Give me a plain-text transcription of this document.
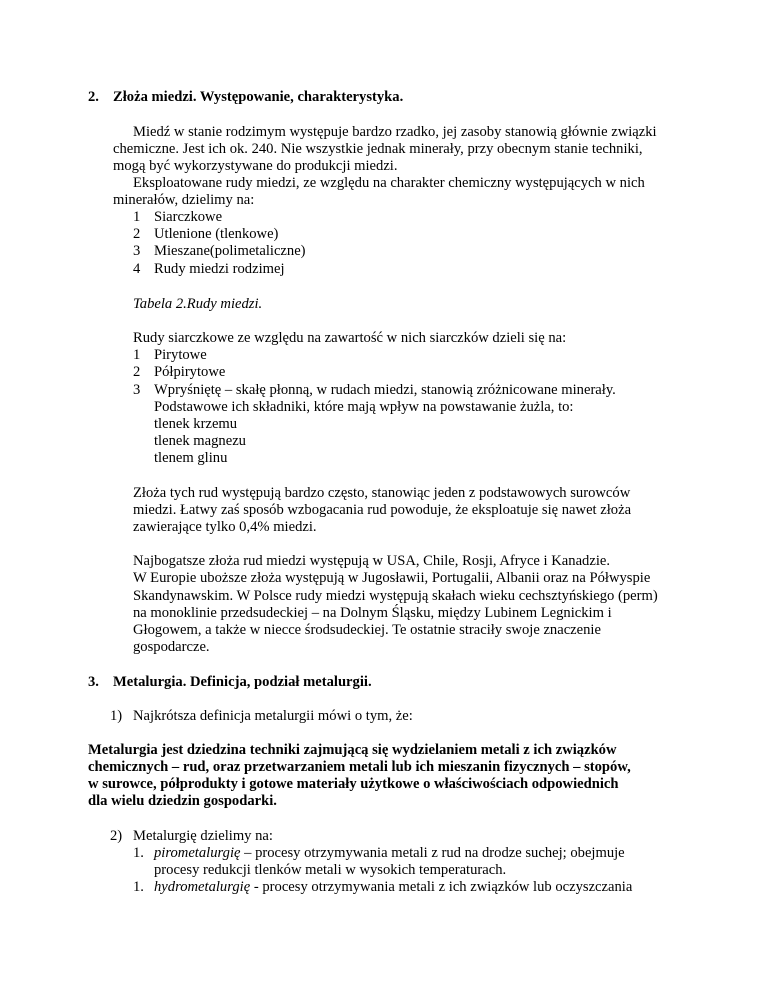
2. Złoża miedzi. Występowanie, charakterystyka.
Miedź w stanie rodzimym występuje bardzo rzadko, jej zasoby stanowią głównie związki
chemiczne. Jest ich ok. 240. Nie wszystkie jednak minerały, przy obecnym stanie techniki,
mogą być wykorzystywane do produkcji miedzi.
Eksploatowane rudy miedzi, ze względu na charakter chemiczny występujących w nich
minerałów, dzielimy na:
1 Siarczkowe
2 Utlenione (tlenkowe)
3 Mieszane(polimetaliczne)
4 Rudy miedzi rodzimej
Tabela 2.Rudy miedzi.
Rudy siarczkowe ze względu na zawartość w nich siarczków dzieli się na:
1 Pirytowe
2 Półpirytowe
3 Wpryśniętę – skałę płonną, w rudach miedzi, stanowią zróżnicowane minerały.
Podstawowe ich składniki, które mają wpływ na powstawanie żużla, to:
tlenek krzemu
tlenek magnezu
tlenem glinu
Złoża tych rud występują bardzo często, stanowiąc jeden z podstawowych surowców
miedzi. Łatwy zaś sposób wzbogacania rud powoduje, że eksploatuje się nawet złoża
zawierające tylko 0,4% miedzi.
Najbogatsze złoża rud miedzi występują w USA, Chile, Rosji, Afryce i Kanadzie.
W Europie uboższe złoża występują w Jugosławii, Portugalii, Albanii oraz na Półwyspie
Skandynawskim. W Polsce rudy miedzi występują skałach wieku cechsztyńskiego (perm)
na monoklinie przedsudeckiej – na Dolnym Śląsku, między Lubinem Legnickim i
Głogowem, a także w niecce środsudeckiej. Te ostatnie straciły swoje znaczenie
gospodarcze.
3. Metalurgia. Definicja, podział metalurgii.
1) Najkrótsza definicja metalurgii mówi o tym, że:
Metalurgia jest dziedzina techniki zajmującą się wydzielaniem metali z ich związków
chemicznych – rud, oraz przetwarzaniem metali lub ich mieszanin fizycznych – stopów,
w surowce, półprodukty i gotowe materiały użytkowe o właściwościach odpowiednich
dla wielu dziedzin gospodarki.
2) Metalurgię dzielimy na:
1. pirometalurgię – procesy otrzymywania metali z rud na drodze suchej; obejmuje
procesy redukcji tlenków metali w wysokich temperaturach.
1. hydrometalurgię - procesy otrzymywania metali z ich związków lub oczyszczania
